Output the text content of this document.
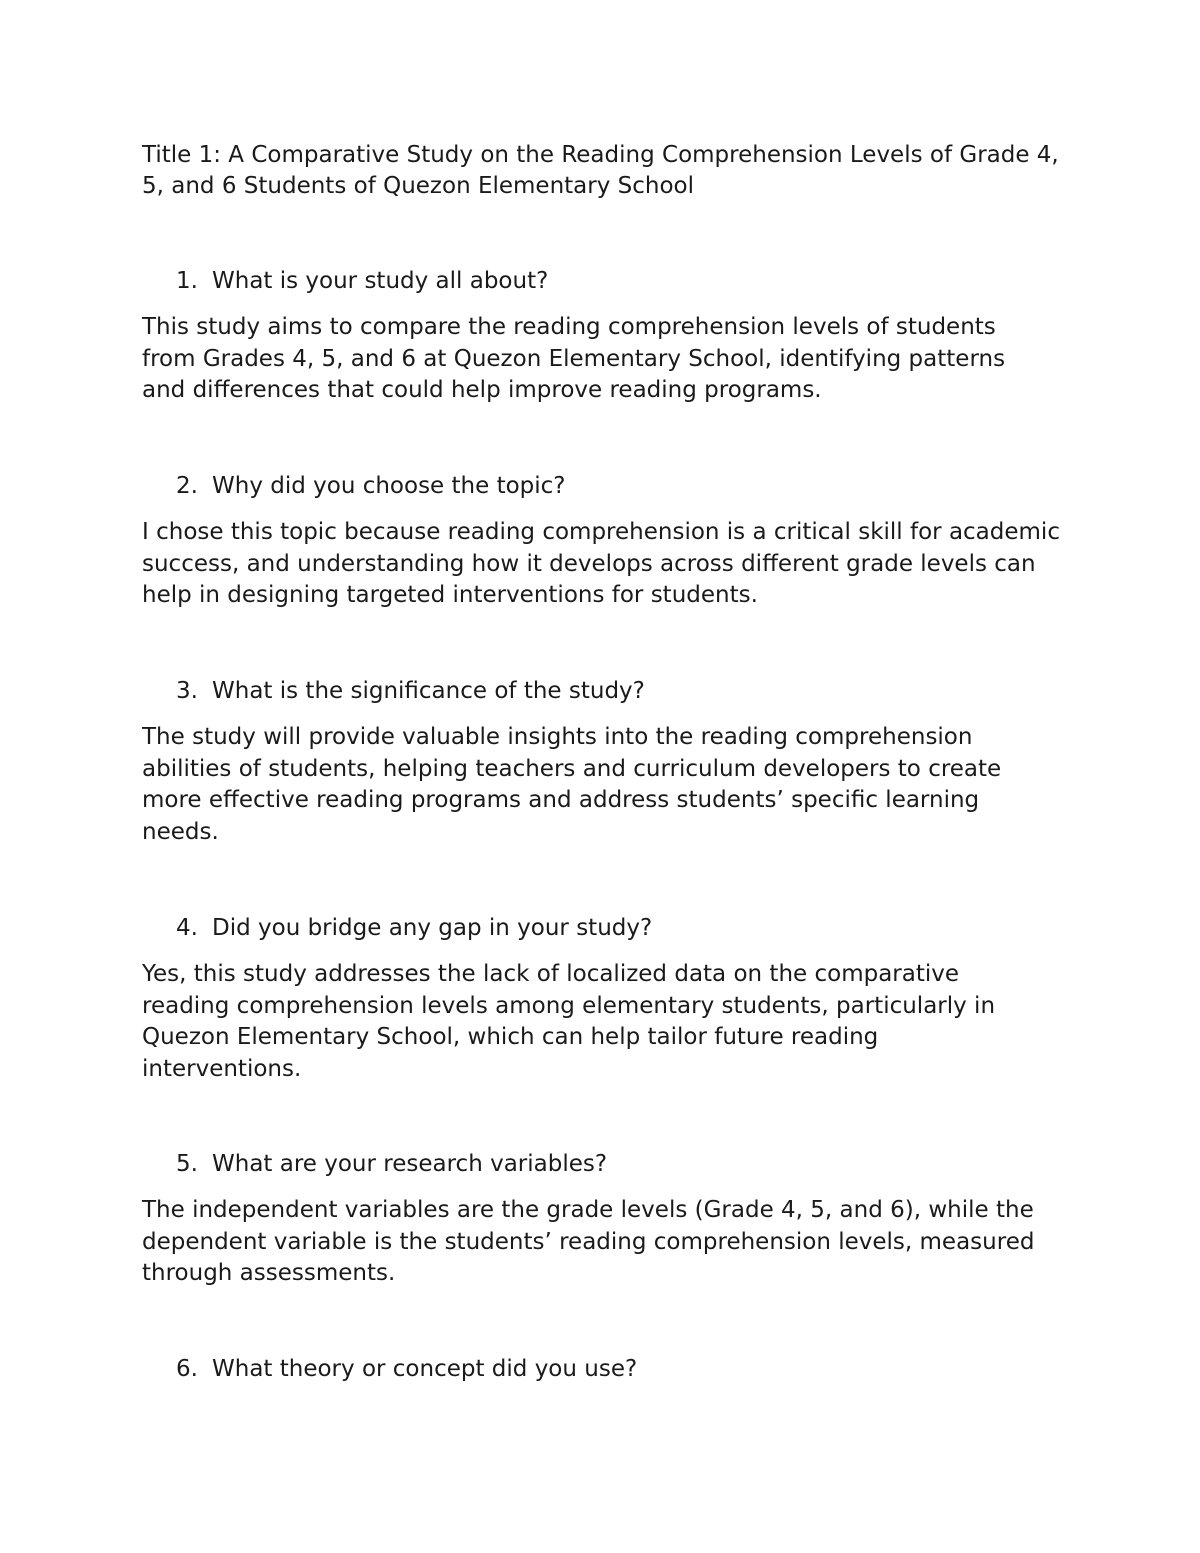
Title 1: A Comparative Study on the Reading Comprehension Levels of Grade 4, 5, and 6 Students of Quezon Elementary School

1. What is your study all about?

This study aims to compare the reading comprehension levels of students from Grades 4, 5, and 6 at Quezon Elementary School, identifying patterns and differences that could help improve reading programs.

2. Why did you choose the topic?

I chose this topic because reading comprehension is a critical skill for academic success, and understanding how it develops across different grade levels can help in designing targeted interventions for students.

3. What is the significance of the study?

The study will provide valuable insights into the reading comprehension abilities of students, helping teachers and curriculum developers to create more effective reading programs and address students’ specific learning needs.

4. Did you bridge any gap in your study?

Yes, this study addresses the lack of localized data on the comparative reading comprehension levels among elementary students, particularly in Quezon Elementary School, which can help tailor future reading interventions.

5. What are your research variables?

The independent variables are the grade levels (Grade 4, 5, and 6), while the dependent variable is the students’ reading comprehension levels, measured through assessments.

6. What theory or concept did you use?
